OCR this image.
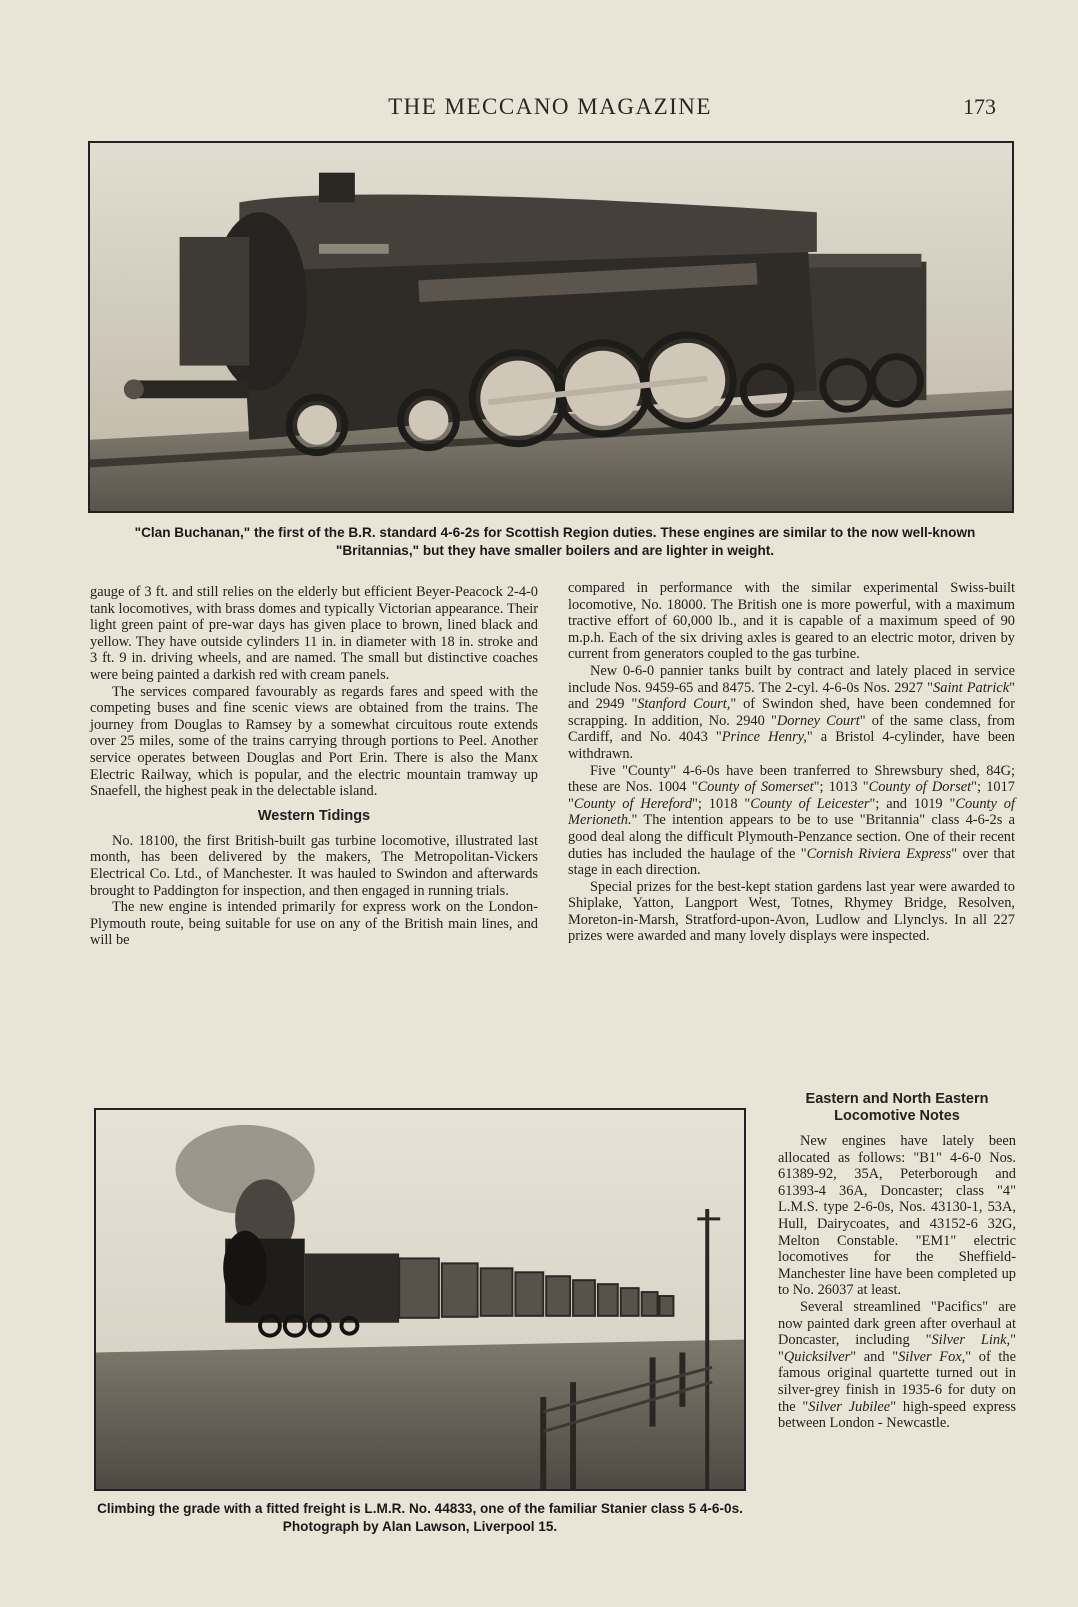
THE MECCANO MAGAZINE	173
"Clan Buchanan," the first of the B.R. standard 4-6-2s for Scottish Region duties. These engines are similar to the now well-known "Britannias," but they have smaller boilers and are lighter in weight.

gauge of 3 ft. and still relies on the elderly but efficient Beyer-Peacock 2-4-0 tank locomotives, with brass domes and typically Victorian appearance. Their light green paint of pre-war days has given place to brown, lined black and yellow. They have outside cylinders 11 in. in diameter with 18 in. stroke and 3 ft. 9 in. driving wheels, and are named. The small but distinctive coaches were being painted a darkish red with cream panels.

The services compared favourably as regards fares and speed with the competing buses and fine scenic views are obtained from the trains. The journey from Douglas to Ramsey by a somewhat circuitous route extends over 25 miles, some of the trains carrying through portions to Peel. Another service operates between Douglas and Port Erin. There is also the Manx Electric Railway, which is popular, and the electric mountain tramway up Snaefell, the highest peak in the delectable island.

Western Tidings

No. 18100, the first British-built gas turbine locomotive, illustrated last month, has been delivered by the makers, The Metropolitan-Vickers Electrical Co. Ltd., of Manchester. It was hauled to Swindon and afterwards brought to Paddington for inspection, and then engaged in running trials.

The new engine is intended primarily for express work on the London-Plymouth route, being suitable for use on any of the British main lines, and will be

compared in performance with the similar experimental Swiss-built locomotive, No. 18000. The British one is more powerful, with a maximum tractive effort of 60,000 lb., and it is capable of a maximum speed of 90 m.p.h. Each of the six driving axles is geared to an electric motor, driven by current from generators coupled to the gas turbine.

New 0-6-0 pannier tanks built by contract and lately placed in service include Nos. 9459-65 and 8475. The 2-cyl. 4-6-0s Nos. 2927 "Saint Patrick" and 2949 "Stanford Court," of Swindon shed, have been condemned for scrapping. In addition, No. 2940 "Dorney Court" of the same class, from Cardiff, and No. 4043 "Prince Henry," a Bristol 4-cylinder, have been withdrawn.

Five "County" 4-6-0s have been tranferred to Shrewsbury shed, 84G; these are Nos. 1004 "County of Somerset"; 1013 "County of Dorset"; 1017 "County of Hereford"; 1018 "County of Leicester"; and 1019 "County of Merioneth." The intention appears to be to use "Britannia" class 4-6-2s a good deal along the difficult Plymouth-Penzance section. One of their recent duties has included the haulage of the "Cornish Riviera Express" over that stage in each direction.

Special prizes for the best-kept station gardens last year were awarded to Shiplake, Yatton, Langport West, Totnes, Rhymey Bridge, Resolven, Moreton-in-Marsh, Stratford-upon-Avon, Ludlow and Llynclys. In all 227 prizes were awarded and many lovely displays were inspected.

Climbing the grade with a fitted freight is L.M.R. No. 44833, one of the familiar Stanier class 5 4-6-0s. Photograph by Alan Lawson, Liverpool 15.
Eastern and North Eastern Locomotive Notes

New engines have lately been allocated as follows: "B1" 4-6-0 Nos. 61389-92, 35A, Peterborough and 61393-4 36A, Doncaster; class "4" L.M.S. type 2-6-0s, Nos. 43130-1, 53A, Hull, Dairycoates, and 43152-6 32G, Melton Constable. "EM1" electric locomotives for the Sheffield-Manchester line have been completed up to No. 26037 at least.

Several streamlined "Pacifics" are now painted dark green after overhaul at Doncaster, including "Silver Link," "Quicksilver" and "Silver Fox," of the famous original quartette turned out in silver-grey finish in 1935-6 for duty on the "Silver Jubilee" high-speed express between London - Newcastle.
